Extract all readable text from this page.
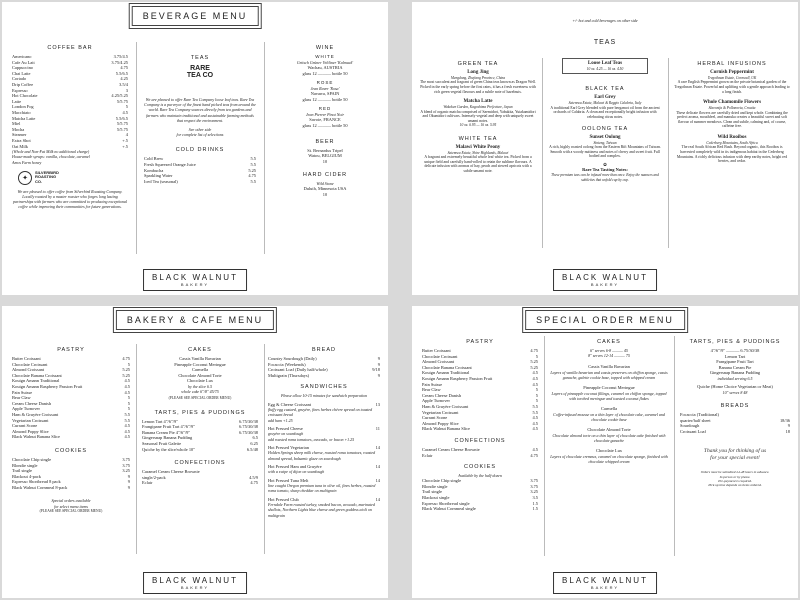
BEVERAGE MENU
COFFEE BAR
Americano	3.75/4.5
Cafe Au Lait	3.75/4.25
Cappuccino	4.75
Chai Latte	5.5/6.5
Cortado	4.25
Drip Coffee	3.5/4
Espresso	3
Hot Chocolate	4.25/5.25
Latte	5/5.75
London Fog	5
Macchiato	4.5
Matcha Latte	5.5/6.5
Miel	5/5.75
Mocha	5/5.75
Steamer	4
Extra Shot	+.5
Oat Milk	+.5
(Whole and Non-Fat Milk no additional charge)
House-made syrups: vanilla, chocolate, caramel
Amos Farm honey
✦
SILVERBIRD
ROASTING
CO.
We are pleased to offer coffee from Silverbird Roasting Company. Locally roasted by a master roaster who forges long lasting partnerships with farmers who are committed to producing exceptional coffee while improving their communities for future generations.
TEAS
RARE TEA CO
We are pleased to offer Rare Tea Company loose leaf teas. Rare Tea Company is a purveyor of the finest hand picked teas from around the world. Rare Tea Company sources directly from tea gardens and farmers who maintain traditional and sustainable farming methods that respect the environment.
See other side
for complete list of selections
COLD DRINKS
Cold Brew	5.5
Fresh Squeezed Orange Juice	5.5
Kombucha	5.25
Sparkling Water	4.75
Iced Tea (seasonal)	5.5
WINE
WHITE
Gritsch Grüner Veltliner 'Kalmuck'
Wachau, AUSTRIA
glass 12 ——— bottle 50
ROSE
Jean Raver 'Rosa'
Navarra, SPAIN
glass 12 ——— bottle 50
RED
Jean Pierrer Pinot Noir
Savoie, FRANCE
glass 12 ——— bottle 50
BEER
St. Bernardus Tripel
Watou, BELGIUM
10
HARD CIDER
Wild Stone
Duluth, Minnesota USA
10
BLACK WALNUT
BAKERY
+/- hot and cold beverages on other side
TEAS
GREEN TEA
Long Jing
Mengdong, Zhejiang Province, China
The most succulent and fragrant of green China teas known as Dragon Well. Picked in the early spring before the first rains, it has a fresh sweetness with rich green vegetal flavours and a subtle note of hazelnuts.
Matcha Latte
Wakoken Garden, Kagoshima Prefecture, Japan
A blend of organic matcha comprised of Saemidori, Yabukita, Yutakamidori and Okumidori cultivars. Intensely vegetal and deep with uniquely sweet umami notes.
10 oz. 6.95 — 16 oz. 5.95
WHITE TEA
Malawi White Peony
Satemwa Estate, Shire Highlands, Malawi
A fragrant and extremely beautiful whole leaf white tea. Picked from a unique field and carefully hand-rolled to retain the sublime flavours. A delicate infusion with aromas of hay, peach and stewed apricots with a subtle umami note.
Loose Leaf Teas
10 oz. 4.25 — 16 oz. 4.50
BLACK TEA
Earl Grey
Satemwa Estate, Malawi & Reggio Calabria, Italy
A traditional Earl Grey blended with pure bergamot oil from the ancient orchards of Calabria. A clean and exceptionally bright infusion with celebrating citrus notes.
OOLONG TEA
Sunset Oolong
Sinteng, Taiwan
A rich, highly roasted oolong from the Eastern Rift Mountains of Taiwan. Smooth with a woody nuttiness and notes of cherry and sweet fruit. Full bodied and complex.
✿
Rare Tea Tasting Notes:
These premium teas can be infused more than once. Enjoy the nuances and subtleties that unfold cup by cup.
HERBAL INFUSIONS
Cornish Peppermint
Tregothnan Estate, Cornwall, UK
A rare English Peppermint grown on the private botanical garden of the Tregothnan Estate. Powerful and uplifting with a gentle approach leading to a long finish.
Whole Chamomile Flowers
Slavonija & Pollonovia, Croatia
These delicate flowers are carefully dried and kept whole. Combining the perfect aroma, mouthfeel, and manuka creates a beautiful sweet and soft flavour of summer meadows. Clean and subtle, calming and, of course, caffeine free.
Wild Rooibos
Cederberg Mountains, South Africa
The real South African Red Bush. Beyond organic, this Rooibos is harvested completely wild in its indigenous habitat in the Cederberg Mountains. A richly delicious infusion with deep earthy notes, bright red berries, and cedar.
BLACK WALNUT
BAKERY
BAKERY & CAFE MENU
PASTRY
Butter Croissant	4.75
Chocolate Croissant	5
Almond Croissant	5.25
Chocolate Banana Croissant	5.25
Kouign Amann Traditional	4.5
Kouign Amann Raspberry Passion Fruit	4.5
Pain Suisse	4.5
Bear Claw	5
Cream Cheese Danish	5
Apple Turnover	5
Ham & Gruyère Croissant	5.5
Vegetarian Croissant	5.5
Currant Scone	4.5
Almond Poppy Slice	4.5
Black Walnut Banana Slice	4.5
COOKIES
Chocolate Chip single	3.75
Blondie single	3.75
Trail single	3.25
Blackout 4-pack	9
Espresso Shortbread 8 pack	9
Black Walnut Cornmeal 8-pack	9
Special orders available
for select menu items
(PLEASE SEE SPECIAL ORDER MENU)
CAKES
Cassis Vanilla Bavarian
Pineapple Coconut Meringue
Carmella
Chocolate Almond Torte
Chocolate Lux
by the slice 6.5
whole cake 6"/8" 45/75
(PLEASE SEE SPECIAL ORDER MENU)
TARTS, PIES & PUDDINGS
Lemon Tart 4"/6"/9"	6.75/30/38
Frangipane Fruit Tart 4"/6"/9"	6.75/30/38
Banana Cream Pie 4"/6"/9"	6.75/30/38
Gingersnap Banana Pudding	6.5
Seasonal Fruit Galette	6.25
Quiche by the slice/whole 10"	6.5/48
CONFECTIONS
Caramel Cream Cheese Brownie
single/2-pack	4.5/9
Eclair	4.75
BREAD
Country Sourdough (Daily)	9
Focaccia (Weekends)	9
Croissant Loaf (Daily half/whole)	9/18
Multigrain (Thursdays)	9
SANDWICHES
Please allow 10-15 minutes for sandwich preparation
Egg & Cheese Croissant	13
fluffy egg custard, gruyère, fines herbes chèvre spread on toasted croissant bread
add ham +1.25
Hot Pressed Cheese	11
gruyère on sourdough
add roasted roma tomatoes, avocado, or bacon +1.25
Hot Pressed Vegetarian	14
Holden Springs sheep milk cheese, roasted roma tomatoes, roasted almond spread, balsamic glaze on sourdough
Hot Pressed Ham and Gruyère	14
with a swipe of dijon on sourdough
Hot Pressed Tuna Melt	14
line caught Oregon premium tuna in olive oil, fines herbes, roasted roma tomato, sharp cheddar on multigrain
Hot Pressed Club	14
Ferndale Farm roasted turkey, smoked bacon, avocado, marinated shallots, Northern Lights blue cheese and green goddess aioli on multigrain
BLACK WALNUT
BAKERY
SPECIAL ORDER MENU
PASTRY
Butter Croissant	4.75
Chocolate Croissant	5
Almond Croissant	5.25
Chocolate Banana Croissant	5.25
Kouign Amann Traditional	4.5
Kouign Amann Raspberry Passion Fruit	4.5
Pain Suisse	4.5
Bear Claw	5
Cream Cheese Danish	5
Apple Turnover	5
Ham & Gruyère Croissant	5.5
Vegetarian Croissant	5.5
Currant Scone	4.5
Almond Poppy Slice	4.5
Black Walnut Banana Slice	4.5
CONFECTIONS
Caramel Cream Cheese Brownie	4.5
Eclair	4.75
COOKIES
Available by the half-dozen
Chocolate Chip single	3.75
Blondie single	3.75
Trail single	3.25
Blackout single	3.5
Espresso Shortbread single	1.5
Black Walnut Cornmeal single	1.5
CAKES
6" serves 6-8 ——— 45
8" serves 12-14 ——— 75
Cassis Vanilla Bavarian
Layers of vanilla bavarian and cassis preserves on chiffon sponge, cassis ganache, galette cookie base, topped with whipped cream
Pineapple Coconut Meringue
Layers of pineapple coconut fillings, caramel on chiffon sponge, topped with torched meringue and toasted coconut flakes
Carmella
Coffee-infused mousse on a thin layer of chocolate cake, caramel and chocolate cookie base
Chocolate Almond Torte
Chocolate almond torte on a thin layer of chocolate cake finished with chocolate ganache
Chocolate Lux
Layers of chocolate cremeux, caramel on chocolate sponge, finished with chocolate whipped cream
TARTS, PIES & PUDDINGS
4"/6"/9" ——— 6.75/30/38
Lemon Tart
Frangipane Fruit Tart
Banana Cream Pie
Gingersnap Banana Pudding
individual serving 6.5
Quiche (Home Choice Vegetarian or Meat)
10" serves 8 48
BREADS
Focaccia (Traditional)
quarter/half sheet	18/36
Sourdough	9
Croissant Loaf	18
Thank you for thinking of us
for your special event!
Orders must be submitted 24-48 hours in advance.
In person or by phone.
Pre-payment is required.
Pick up time depends on items ordered.
BLACK WALNUT
BAKERY
